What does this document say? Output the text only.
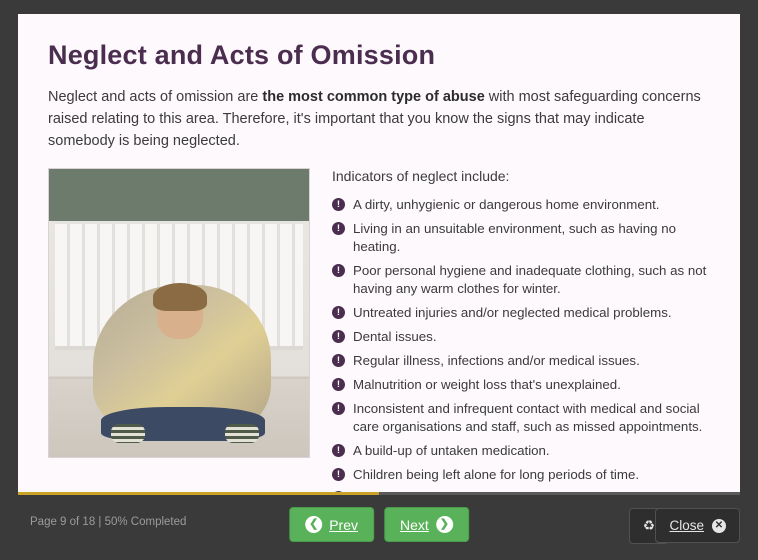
Neglect and Acts of Omission

Neglect and acts of omission are the most common type of abuse with most safeguarding concerns raised relating to this area. Therefore, it's important that you know the signs that may indicate somebody is being neglected.

Indicators of neglect include:

! A dirty, unhygienic or dangerous home environment.
! Living in an unsuitable environment, such as having no heating.
! Poor personal hygiene and inadequate clothing, such as not having any warm clothes for winter.
! Untreated injuries and/or neglected medical problems.
! Dental issues.
! Regular illness, infections and/or medical issues.
! Malnutrition or weight loss that's unexplained.
! Inconsistent and infrequent contact with medical and social care organisations and staff, such as missed appointments.
! A build-up of untaken medication.
! Children being left alone for long periods of time.
Page 9 of 18 | 50% Completed	❮ Prev	Next ❯	♻ Close ✕
